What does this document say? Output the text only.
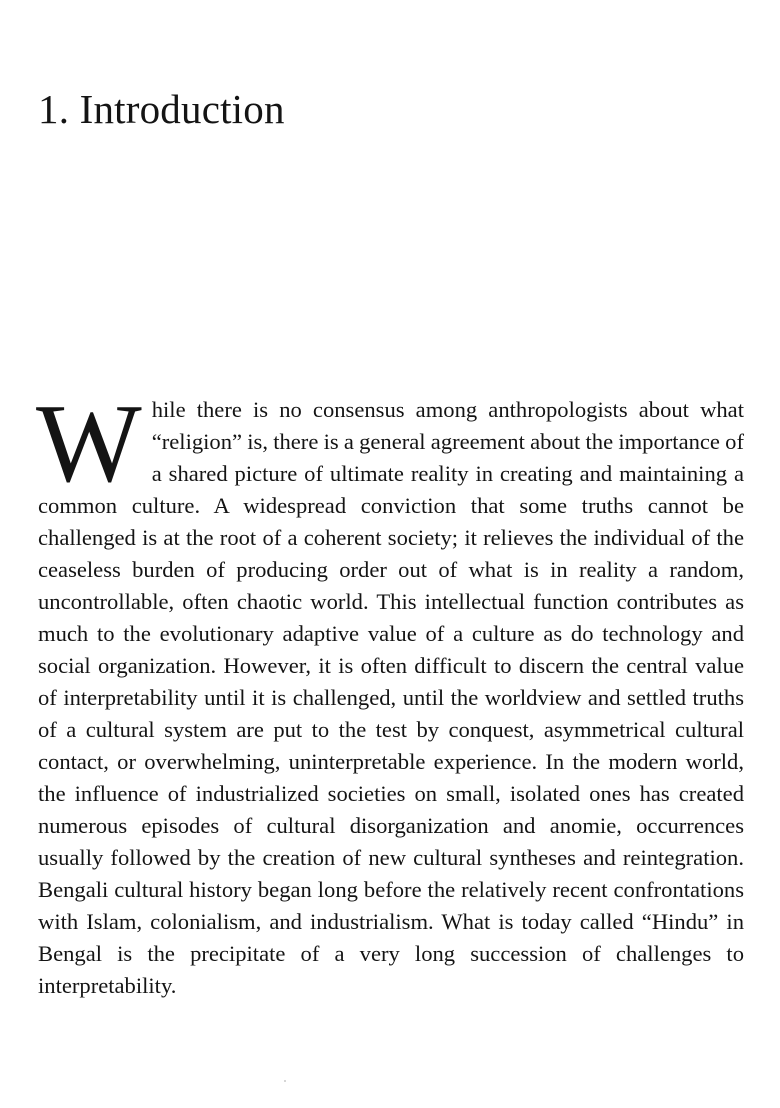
1. Introduction

While there is no consensus among anthropologists about what “religion” is, there is a general agreement about the importance of a shared picture of ultimate reality in creating and maintaining a common culture. A widespread conviction that some truths cannot be challenged is at the root of a coherent society; it relieves the individual of the ceaseless burden of producing order out of what is in reality a random, uncontrollable, often chaotic world. This intellectual function contributes as much to the evolutionary adaptive value of a culture as do technology and social organization. However, it is often difficult to discern the central value of interpretability until it is challenged, until the worldview and settled truths of a cultural system are put to the test by conquest, asymmetrical cultural contact, or overwhelming, uninterpretable experience. In the modern world, the influence of industrialized societies on small, isolated ones has created numerous episodes of cultural disorganization and anomie, occurrences usually followed by the creation of new cultural syntheses and reintegration. Bengali cultural history began long before the relatively recent confrontations with Islam, colonialism, and industrialism. What is today called “Hindu” in Bengal is the precipitate of a very long succession of challenges to interpretability.
